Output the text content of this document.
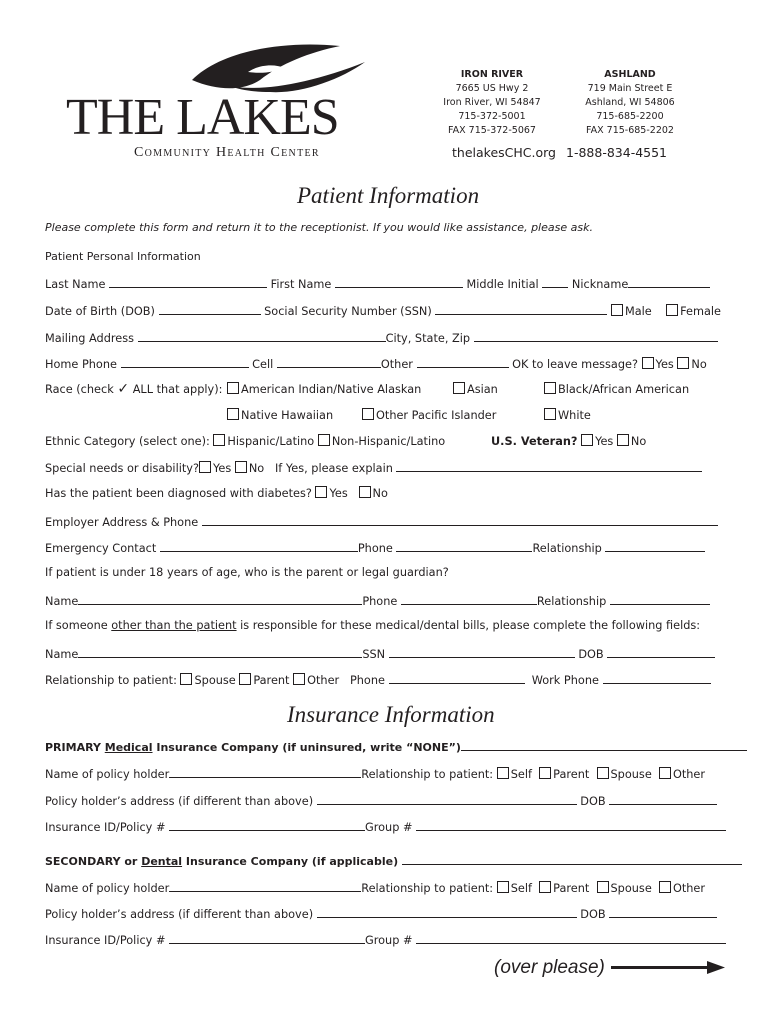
THE LAKES
Community Health Center
IRON RIVER
7665 US Hwy 2
Iron River, WI 54847
715-372-5001
FAX 715-372-5067
ASHLAND
719 Main Street E
Ashland, WI 54806
715-685-2200
FAX 715-685-2202
thelakesCHC.org 1-888-834-4551
Patient Information
Please complete this form and return it to the receptionist. If you would like assistance, please ask.
Patient Personal Information
Last Name	First Name	Middle Initial	Nickname
Date of Birth (DOB)	Social Security Number (SSN)	Male	Female
Mailing Address	City, State, Zip
Home Phone	Cell	Other	OK to leave message? Yes No
Race (check ✓ ALL that apply):	American Indian/Native Alaskan	Asian	Black/African American
Native Hawaiian	Other Pacific Islander	White
Ethnic Category (select one): Hispanic/Latino Non-Hispanic/Latino	U.S. Veteran? Yes No
Special needs or disability? Yes No If Yes, please explain
Has the patient been diagnosed with diabetes? Yes No
Employer Address & Phone
Emergency Contact	Phone	Relationship
If patient is under 18 years of age, who is the parent or legal guardian?
Name	Phone	Relationship
If someone other than the patient is responsible for these medical/dental bills, please complete the following fields:
Name	SSN	DOB
Relationship to patient: Spouse Parent Other Phone	Work Phone
Insurance Information
PRIMARY Medical Insurance Company (if uninsured, write “NONE”)
Name of policy holder	Relationship to patient: Self Parent Spouse Other
Policy holder’s address (if different than above)	DOB
Insurance ID/Policy #	Group #
SECONDARY or Dental Insurance Company (if applicable)
Name of policy holder	Relationship to patient: Self Parent Spouse Other
Policy holder’s address (if different than above)	DOB
Insurance ID/Policy #	Group #
(over please)
